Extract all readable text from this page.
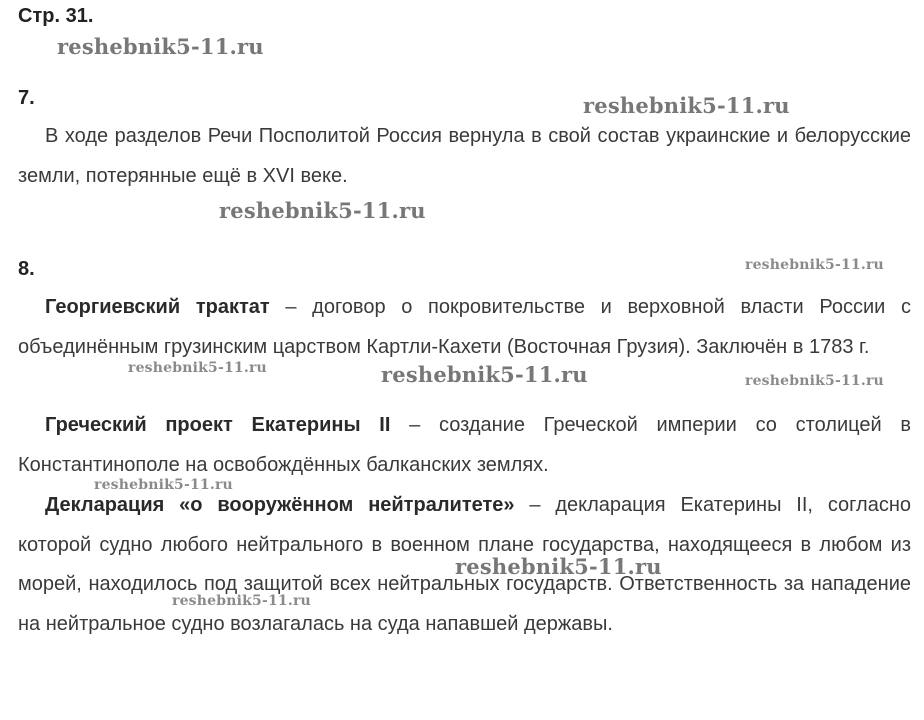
Стр. 31.
7.

В ходе разделов Речи Посполитой Россия вернула в свой состав украинские и белорусские земли, потерянные ещё в XVI веке.

8.

Георгиевский трактат – договор о покровительстве и верховной власти России с объединённым грузинским царством Картли-Кахети (Восточная Грузия). Заключён в 1783 г.

Греческий проект Екатерины II – создание Греческой империи со столицей в Константинополе на освобождённых балканских землях.

Декларация «о вооружённом нейтралитете» – декларация Екатерины II, согласно которой судно любого нейтрального в военном плане государства, находящееся в любом из морей, находилось под защитой всех нейтральных государств. Ответственность за нападение на нейтральное судно возлагалась на суда напавшей державы.

reshebnik5-11.ru
reshebnik5-11.ru
reshebnik5-11.ru
reshebnik5-11.ru
reshebnik5-11.ru	reshebnik5-11.ru	reshebnik5-11.ru
reshebnik5-11.ru
reshebnik5-11.ru
reshebnik5-11.ru
